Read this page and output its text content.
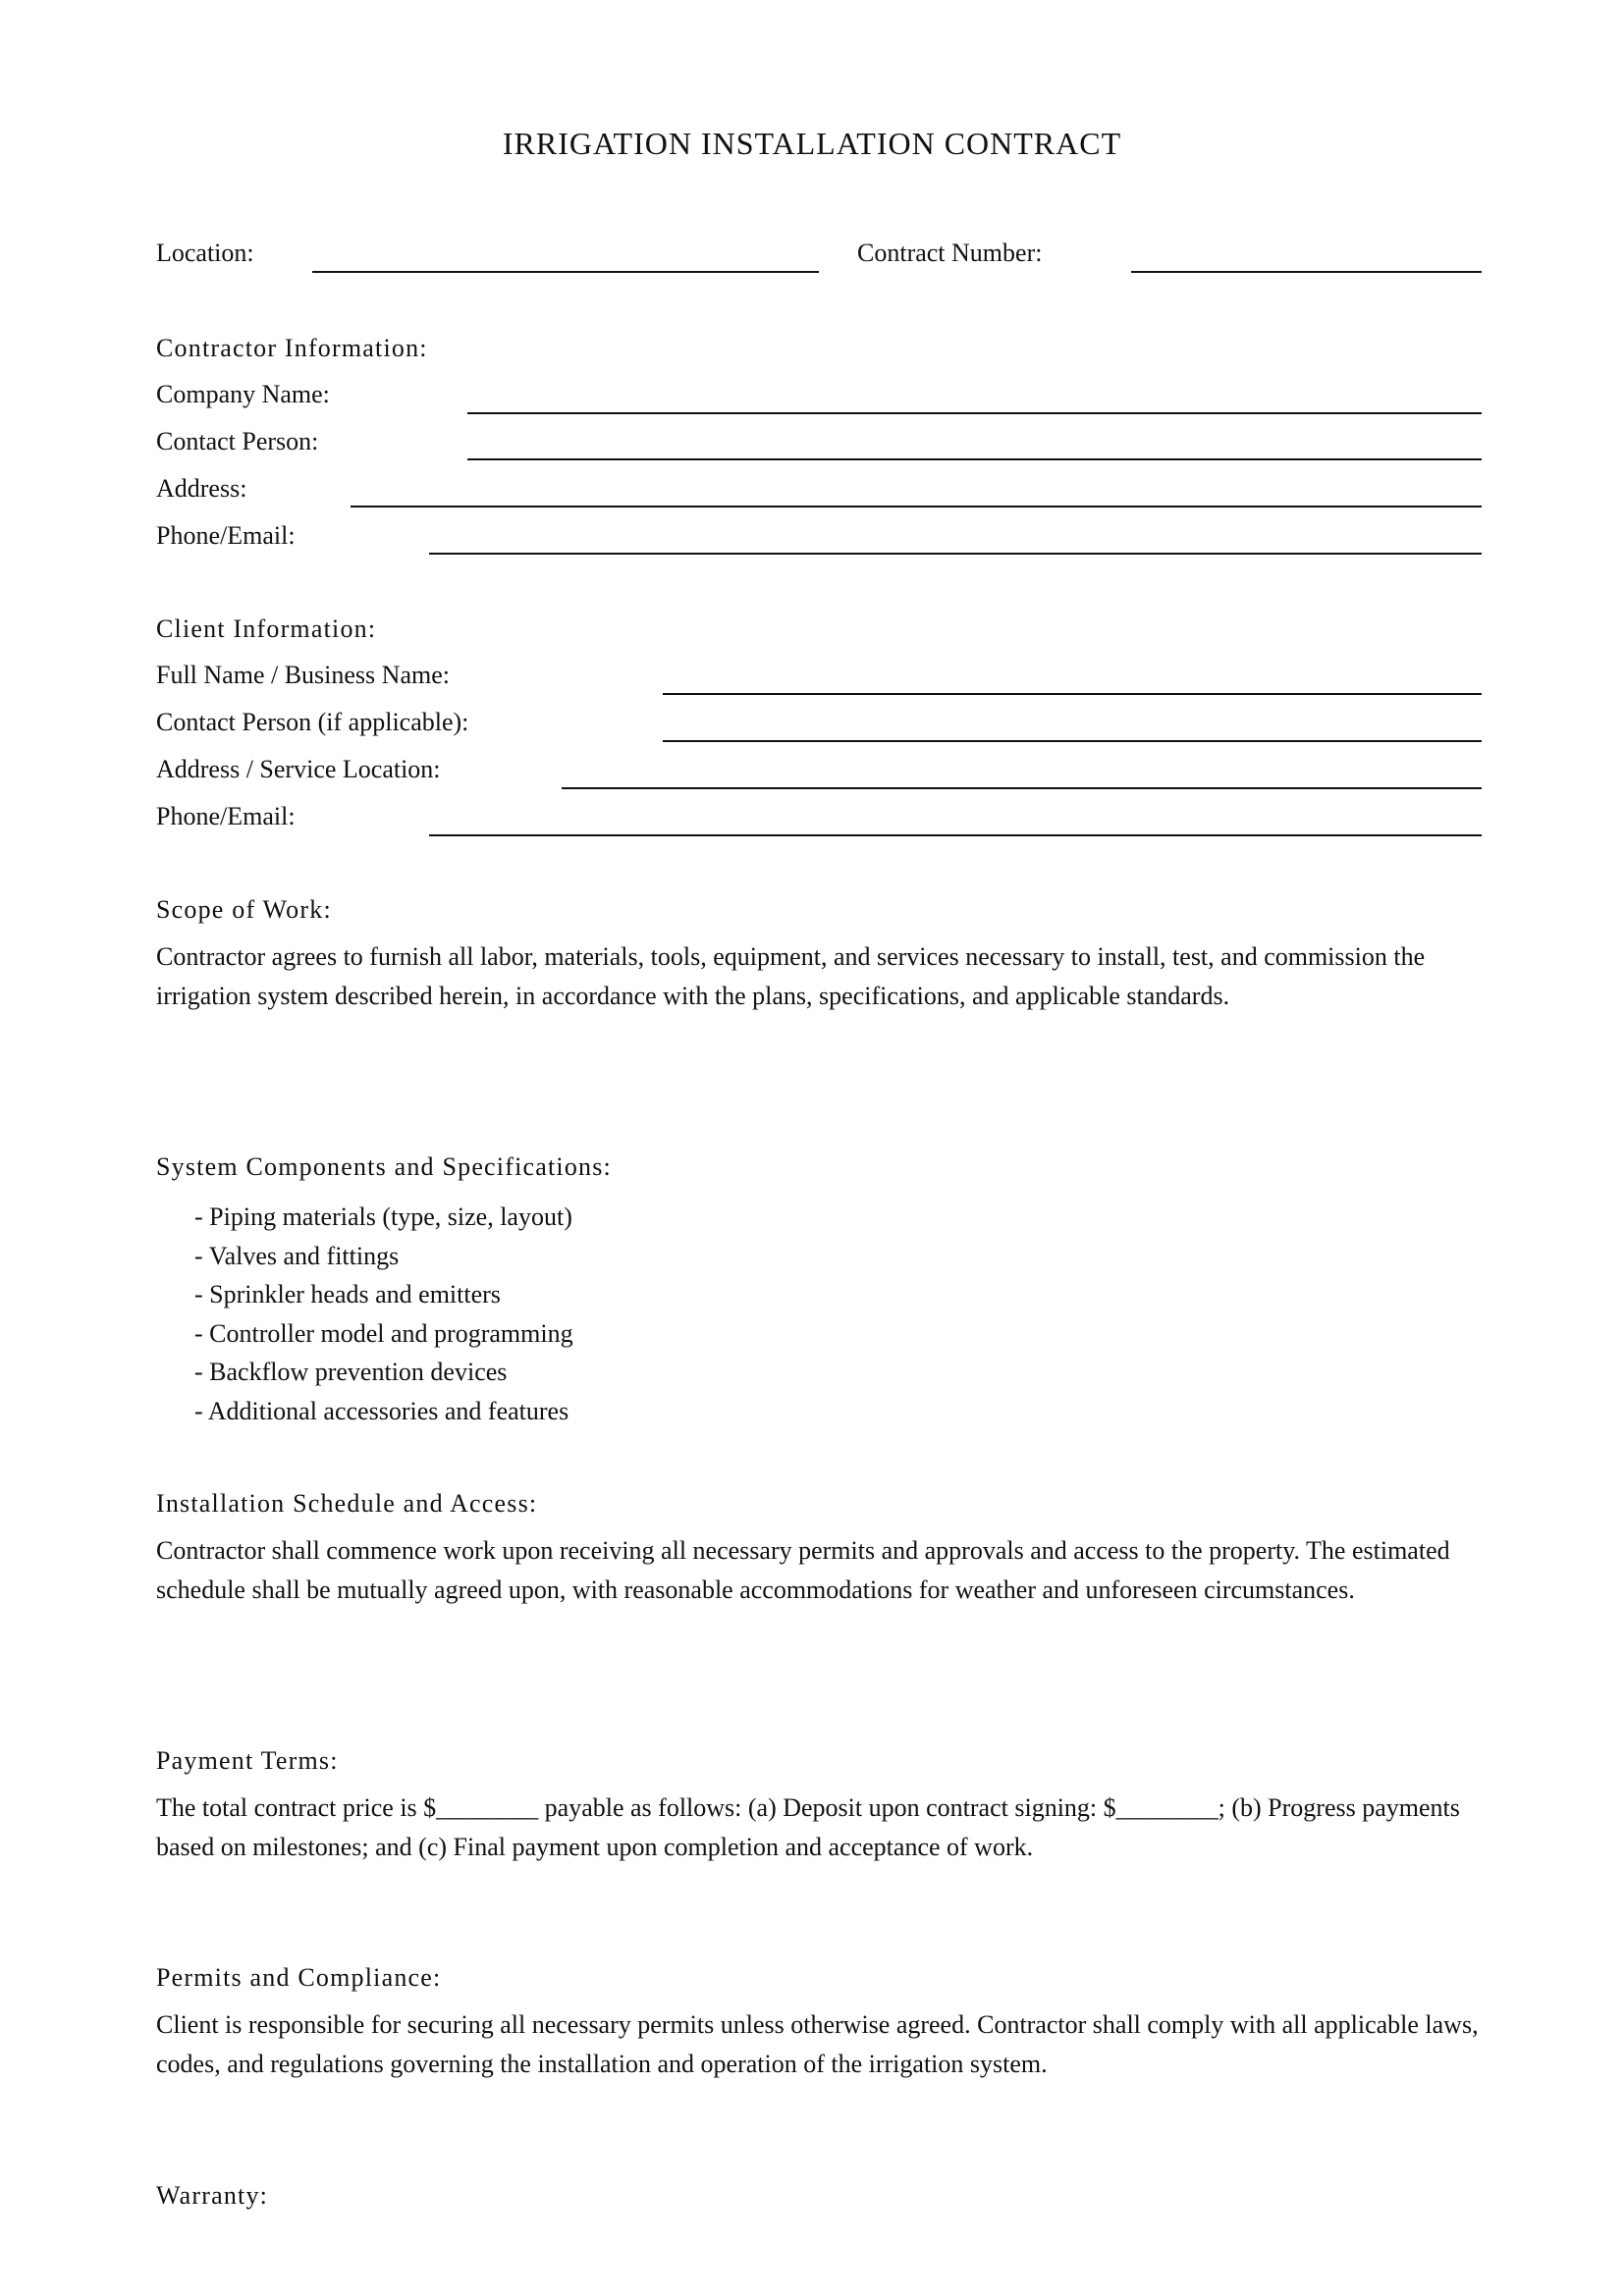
IRRIGATION INSTALLATION CONTRACT
Location:	Contract Number:
Contractor Information:
Company Name:
Contact Person:
Address:
Phone/Email:
Client Information:
Full Name / Business Name:
Contact Person (if applicable):
Address / Service Location:
Phone/Email:
Scope of Work:
Contractor agrees to furnish all labor, materials, tools, equipment, and services necessary to install, test, and commission the irrigation system described herein, in accordance with the plans, specifications, and applicable standards.
System Components and Specifications:
- Piping materials (type, size, layout)
- Valves and fittings
- Sprinkler heads and emitters
- Controller model and programming
- Backflow prevention devices
- Additional accessories and features
Installation Schedule and Access:
Contractor shall commence work upon receiving all necessary permits and approvals and access to the property. The estimated schedule shall be mutually agreed upon, with reasonable accommodations for weather and unforeseen circumstances.
Payment Terms:
The total contract price is $________ payable as follows: (a) Deposit upon contract signing: $________; (b) Progress payments based on milestones; and (c) Final payment upon completion and acceptance of work.
Permits and Compliance:
Client is responsible for securing all necessary permits unless otherwise agreed. Contractor shall comply with all applicable laws, codes, and regulations governing the installation and operation of the irrigation system.
Warranty:
